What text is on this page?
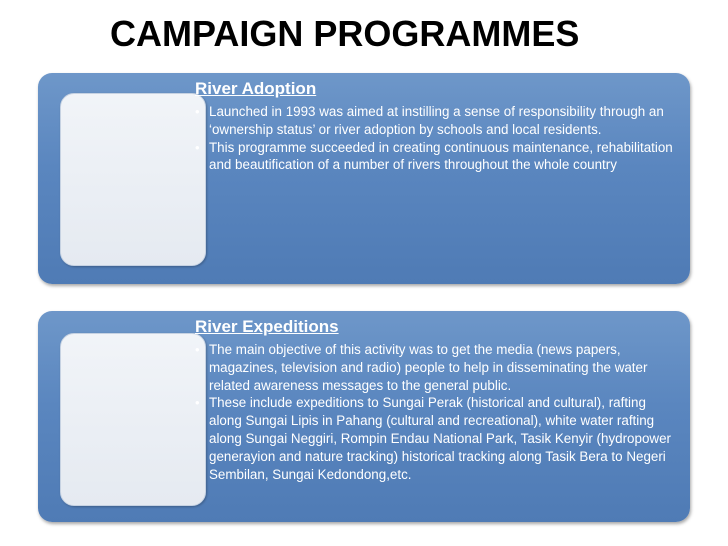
CAMPAIGN PROGRAMMES
River Adoption
• Launched in 1993 was aimed at instilling a sense of responsibility through an ‘ownership status’ or river adoption by schools and local residents.
• This programme succeeded in creating continuous maintenance, rehabilitation and beautification of a number of rivers throughout the whole country
River Expeditions
• The main objective of this activity was to get the media (news papers, magazines, television and radio) people to help in disseminating the water related awareness messages to the general public.
• These include expeditions to Sungai Perak (historical and cultural), rafting along Sungai Lipis in Pahang (cultural and recreational), white water rafting along Sungai Neggiri, Rompin Endau National Park, Tasik Kenyir (hydropower generayion and nature tracking) historical tracking along Tasik Bera to Negeri Sembilan, Sungai Kedondong,etc.
